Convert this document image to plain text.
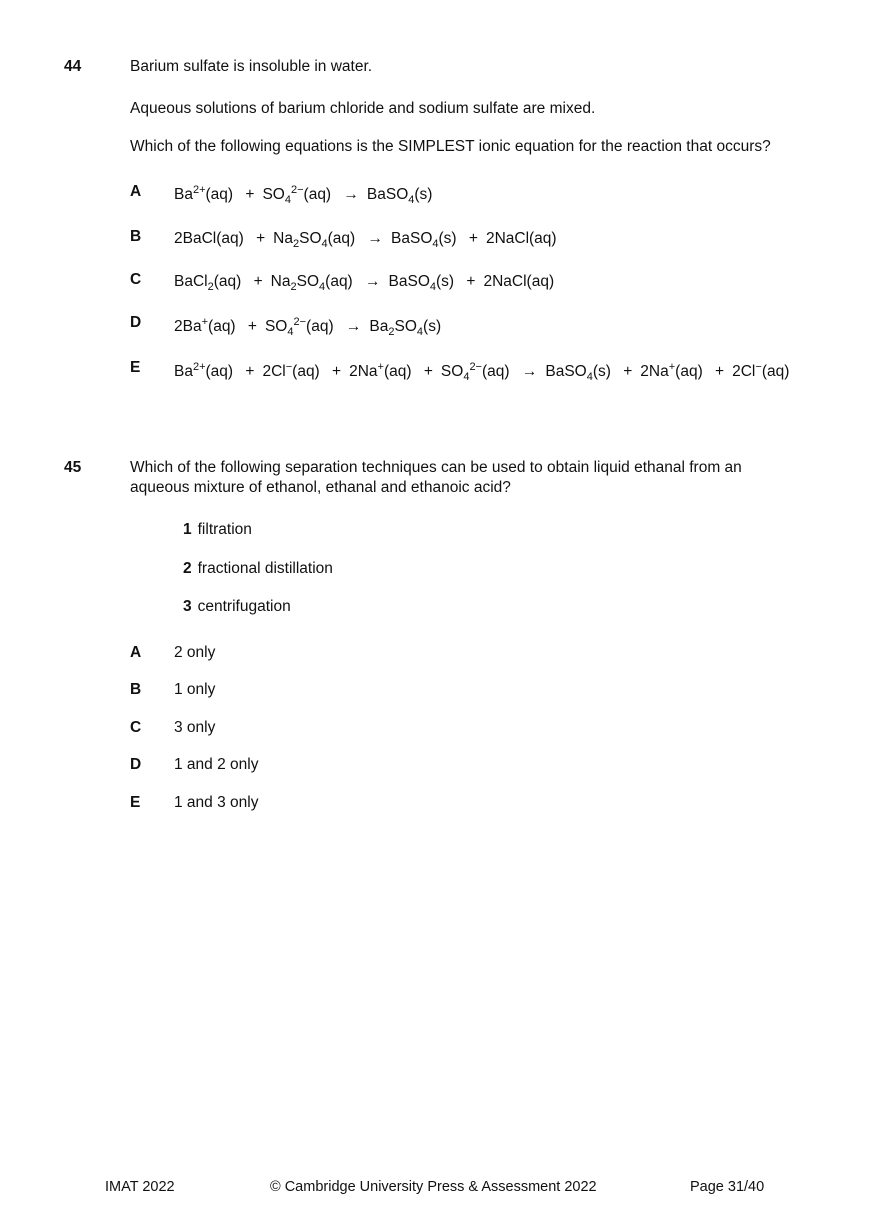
44	Barium sulfate is insoluble in water.
Aqueous solutions of barium chloride and sodium sulfate are mixed.
Which of the following equations is the SIMPLEST ionic equation for the reaction that occurs?
A $Ba^{2+}(aq) + SO_4^{2-}(aq)$ → BaSO$_4$(s)
B 2BaCl(aq) + $Na_2SO_4(aq)$ → BaSO$_4$(s) + 2NaCl(aq)
C BaCl$_2$(aq) + $Na_2SO_4(aq)$ → BaSO$_4$(s) + 2NaCl(aq)
D $2Ba^+(aq) + SO_4^{2-}(aq) \to Ba_2SO_4(s)$
E $Ba^{2+}(aq) + 2Cl^-(aq) + 2Na^+(aq) + SO_4^{2-}(aq)$ → BaSO$_4$(s) + 2Na+(aq) + 2Cl−(aq)
45	Which of the following separation techniques can be used to obtain liquid ethanal from an
aqueous mixture of ethanol, ethanal and ethanoic acid?
1 filtration
2 fractional distillation
3 centrifugation
A 2 only
B 1 only
C 3 only
D 1 and 2 only
E 1 and 3 only
IMAT 2022	© Cambridge University Press & Assessment 2022	Page 31/40
